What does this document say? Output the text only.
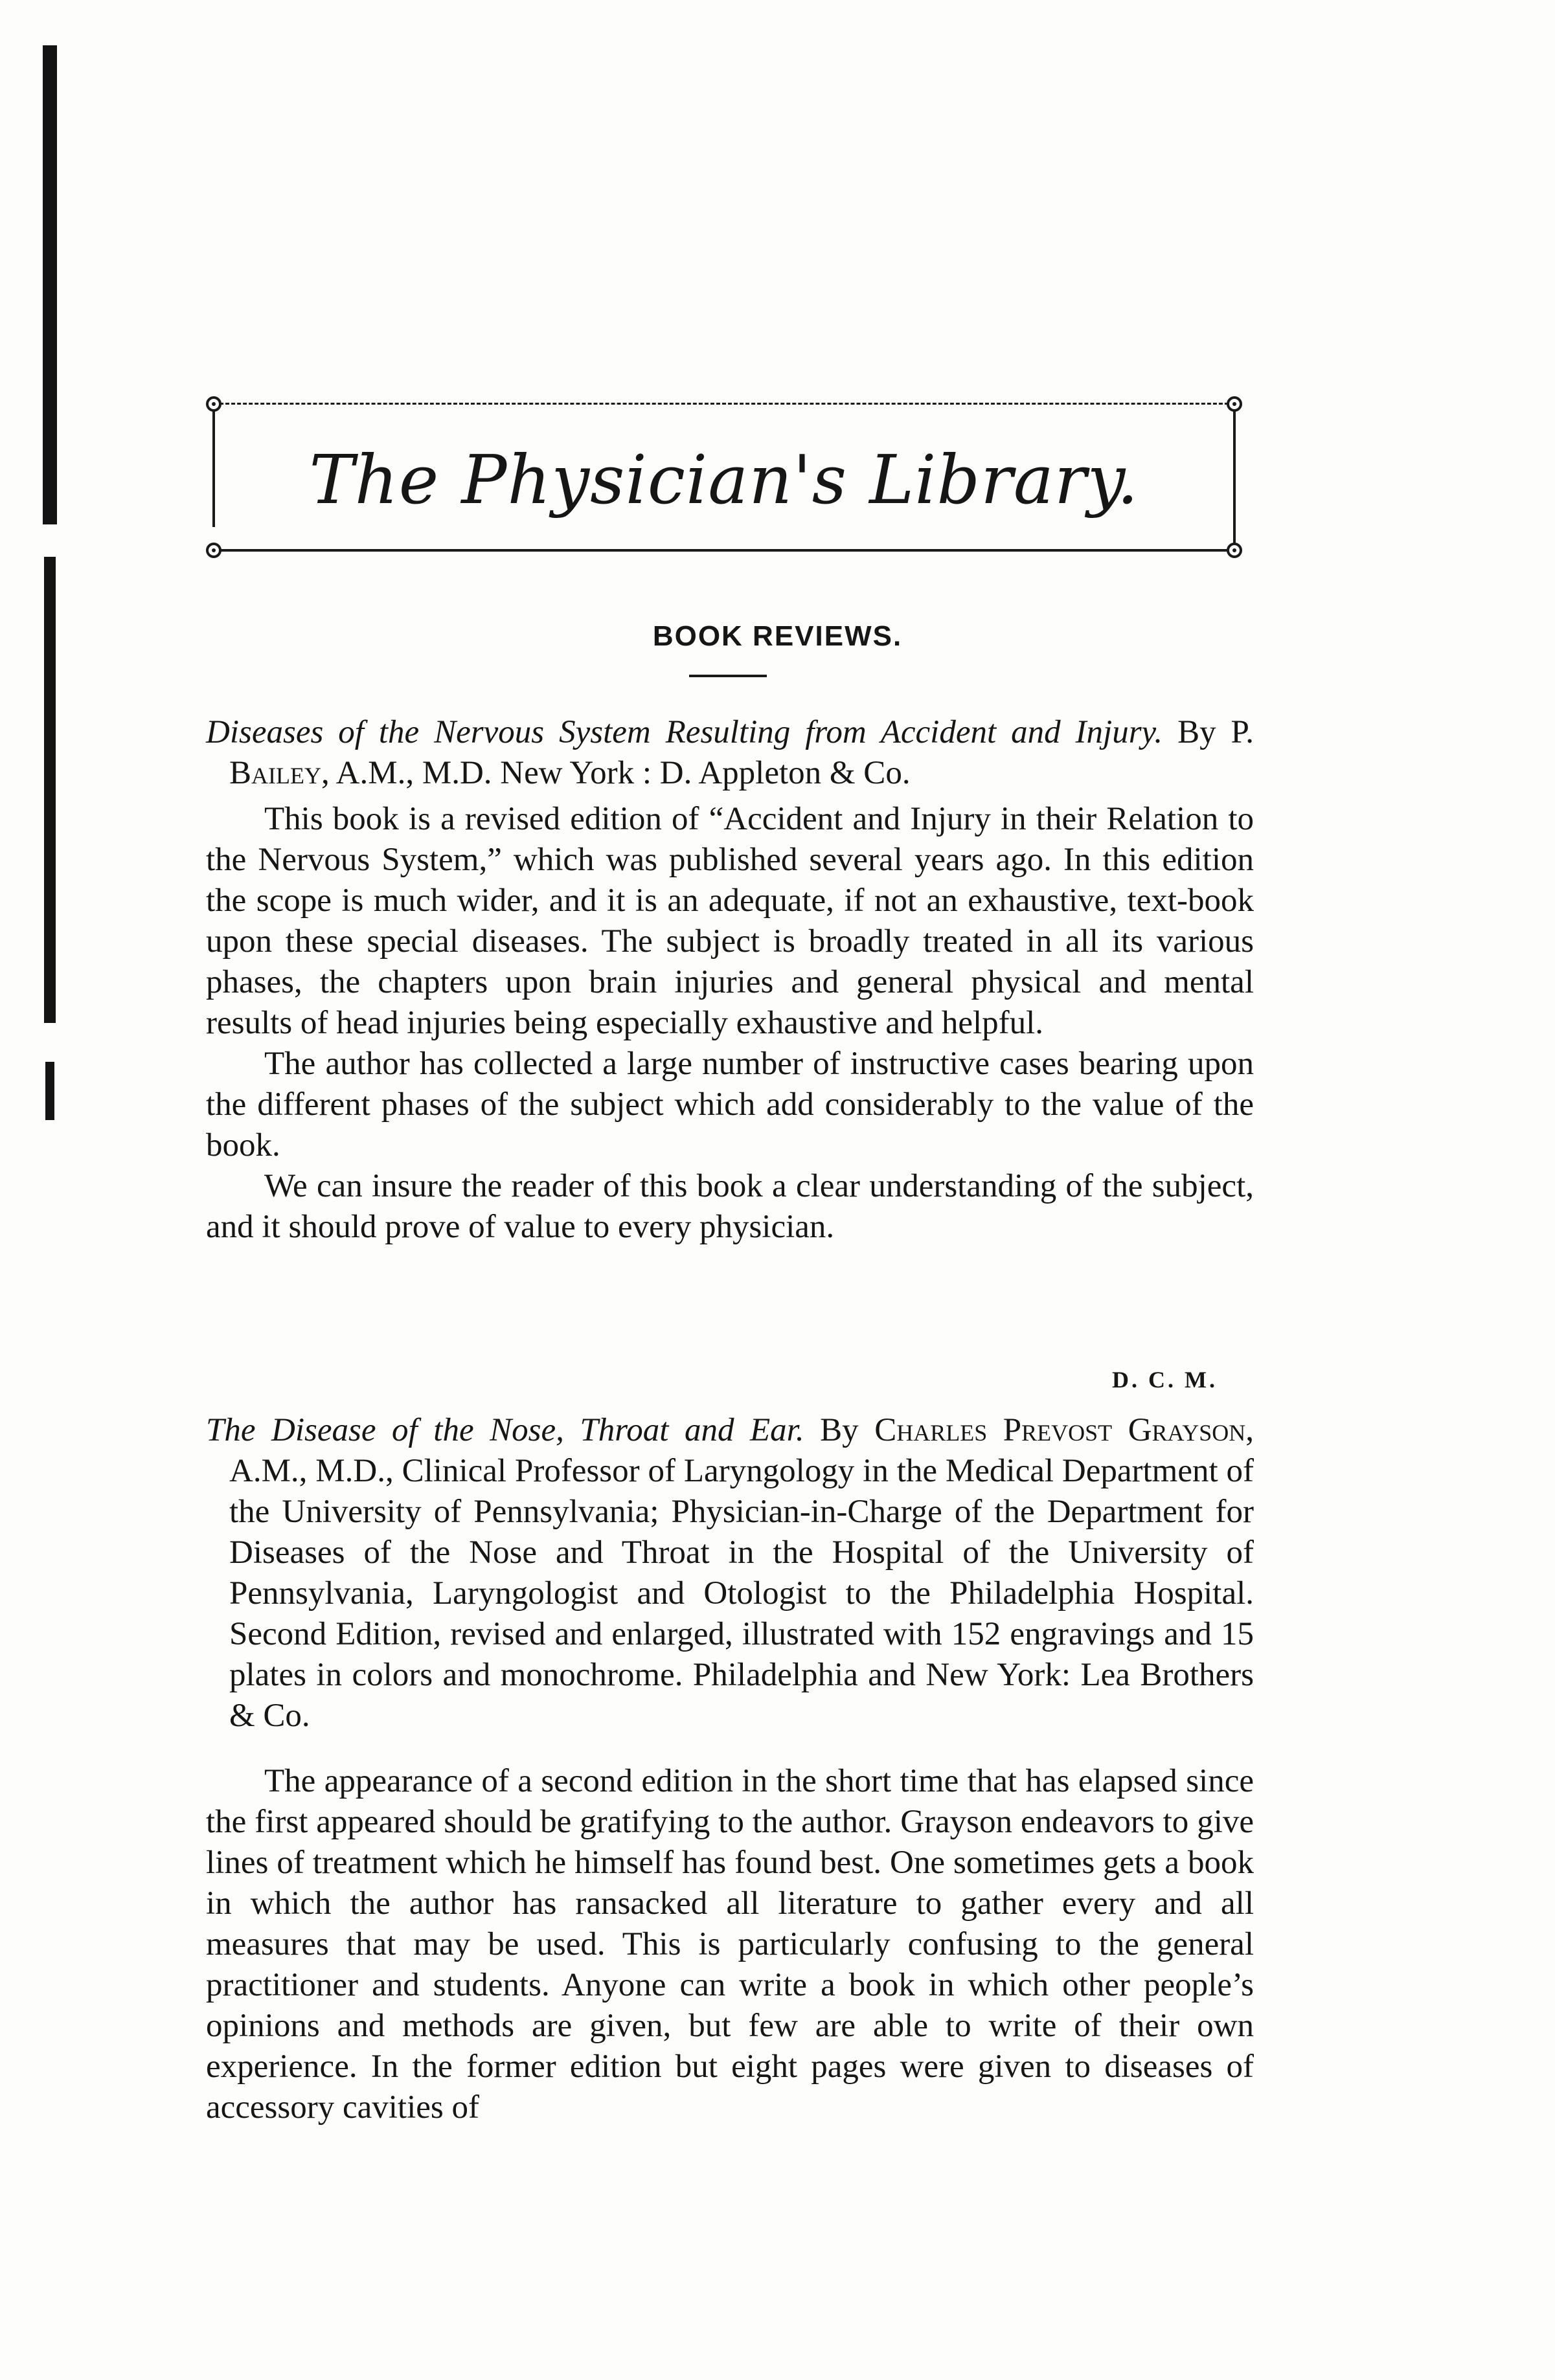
The Physician's Library.
BOOK REVIEWS.

Diseases of the Nervous System Resulting from Accident and Injury. By P. Bailey, A.M., M.D. New York : D. Appleton & Co.

This book is a revised edition of “Accident and Injury in their Relation to the Nervous System,” which was published several years ago. In this edition the scope is much wider, and it is an adequate, if not an exhaustive, text-book upon these special diseases. The subject is broadly treated in all its various phases, the chapters upon brain injuries and general physical and mental results of head injuries being especially exhaustive and helpful.

The author has collected a large number of instructive cases bearing upon the different phases of the subject which add considerably to the value of the book.

We can insure the reader of this book a clear understanding of the subject, and it should prove of value to every physician.

D. C. M.

The Disease of the Nose, Throat and Ear. By Charles Prevost Grayson, A.M., M.D., Clinical Professor of Laryngology in the Medical Department of the University of Pennsylvania; Physician-in-Charge of the Department for Diseases of the Nose and Throat in the Hospital of the University of Pennsylvania, Laryngologist and Otologist to the Philadelphia Hospital. Second Edition, revised and enlarged, illustrated with 152 engravings and 15 plates in colors and monochrome. Philadelphia and New York: Lea Brothers & Co.

The appearance of a second edition in the short time that has elapsed since the first appeared should be gratifying to the author. Grayson endeavors to give lines of treatment which he himself has found best. One sometimes gets a book in which the author has ransacked all literature to gather every and all measures that may be used. This is particularly confusing to the general practitioner and students. Anyone can write a book in which other people’s opinions and methods are given, but few are able to write of their own experience. In the former edition but eight pages were given to diseases of accessory cavities of
